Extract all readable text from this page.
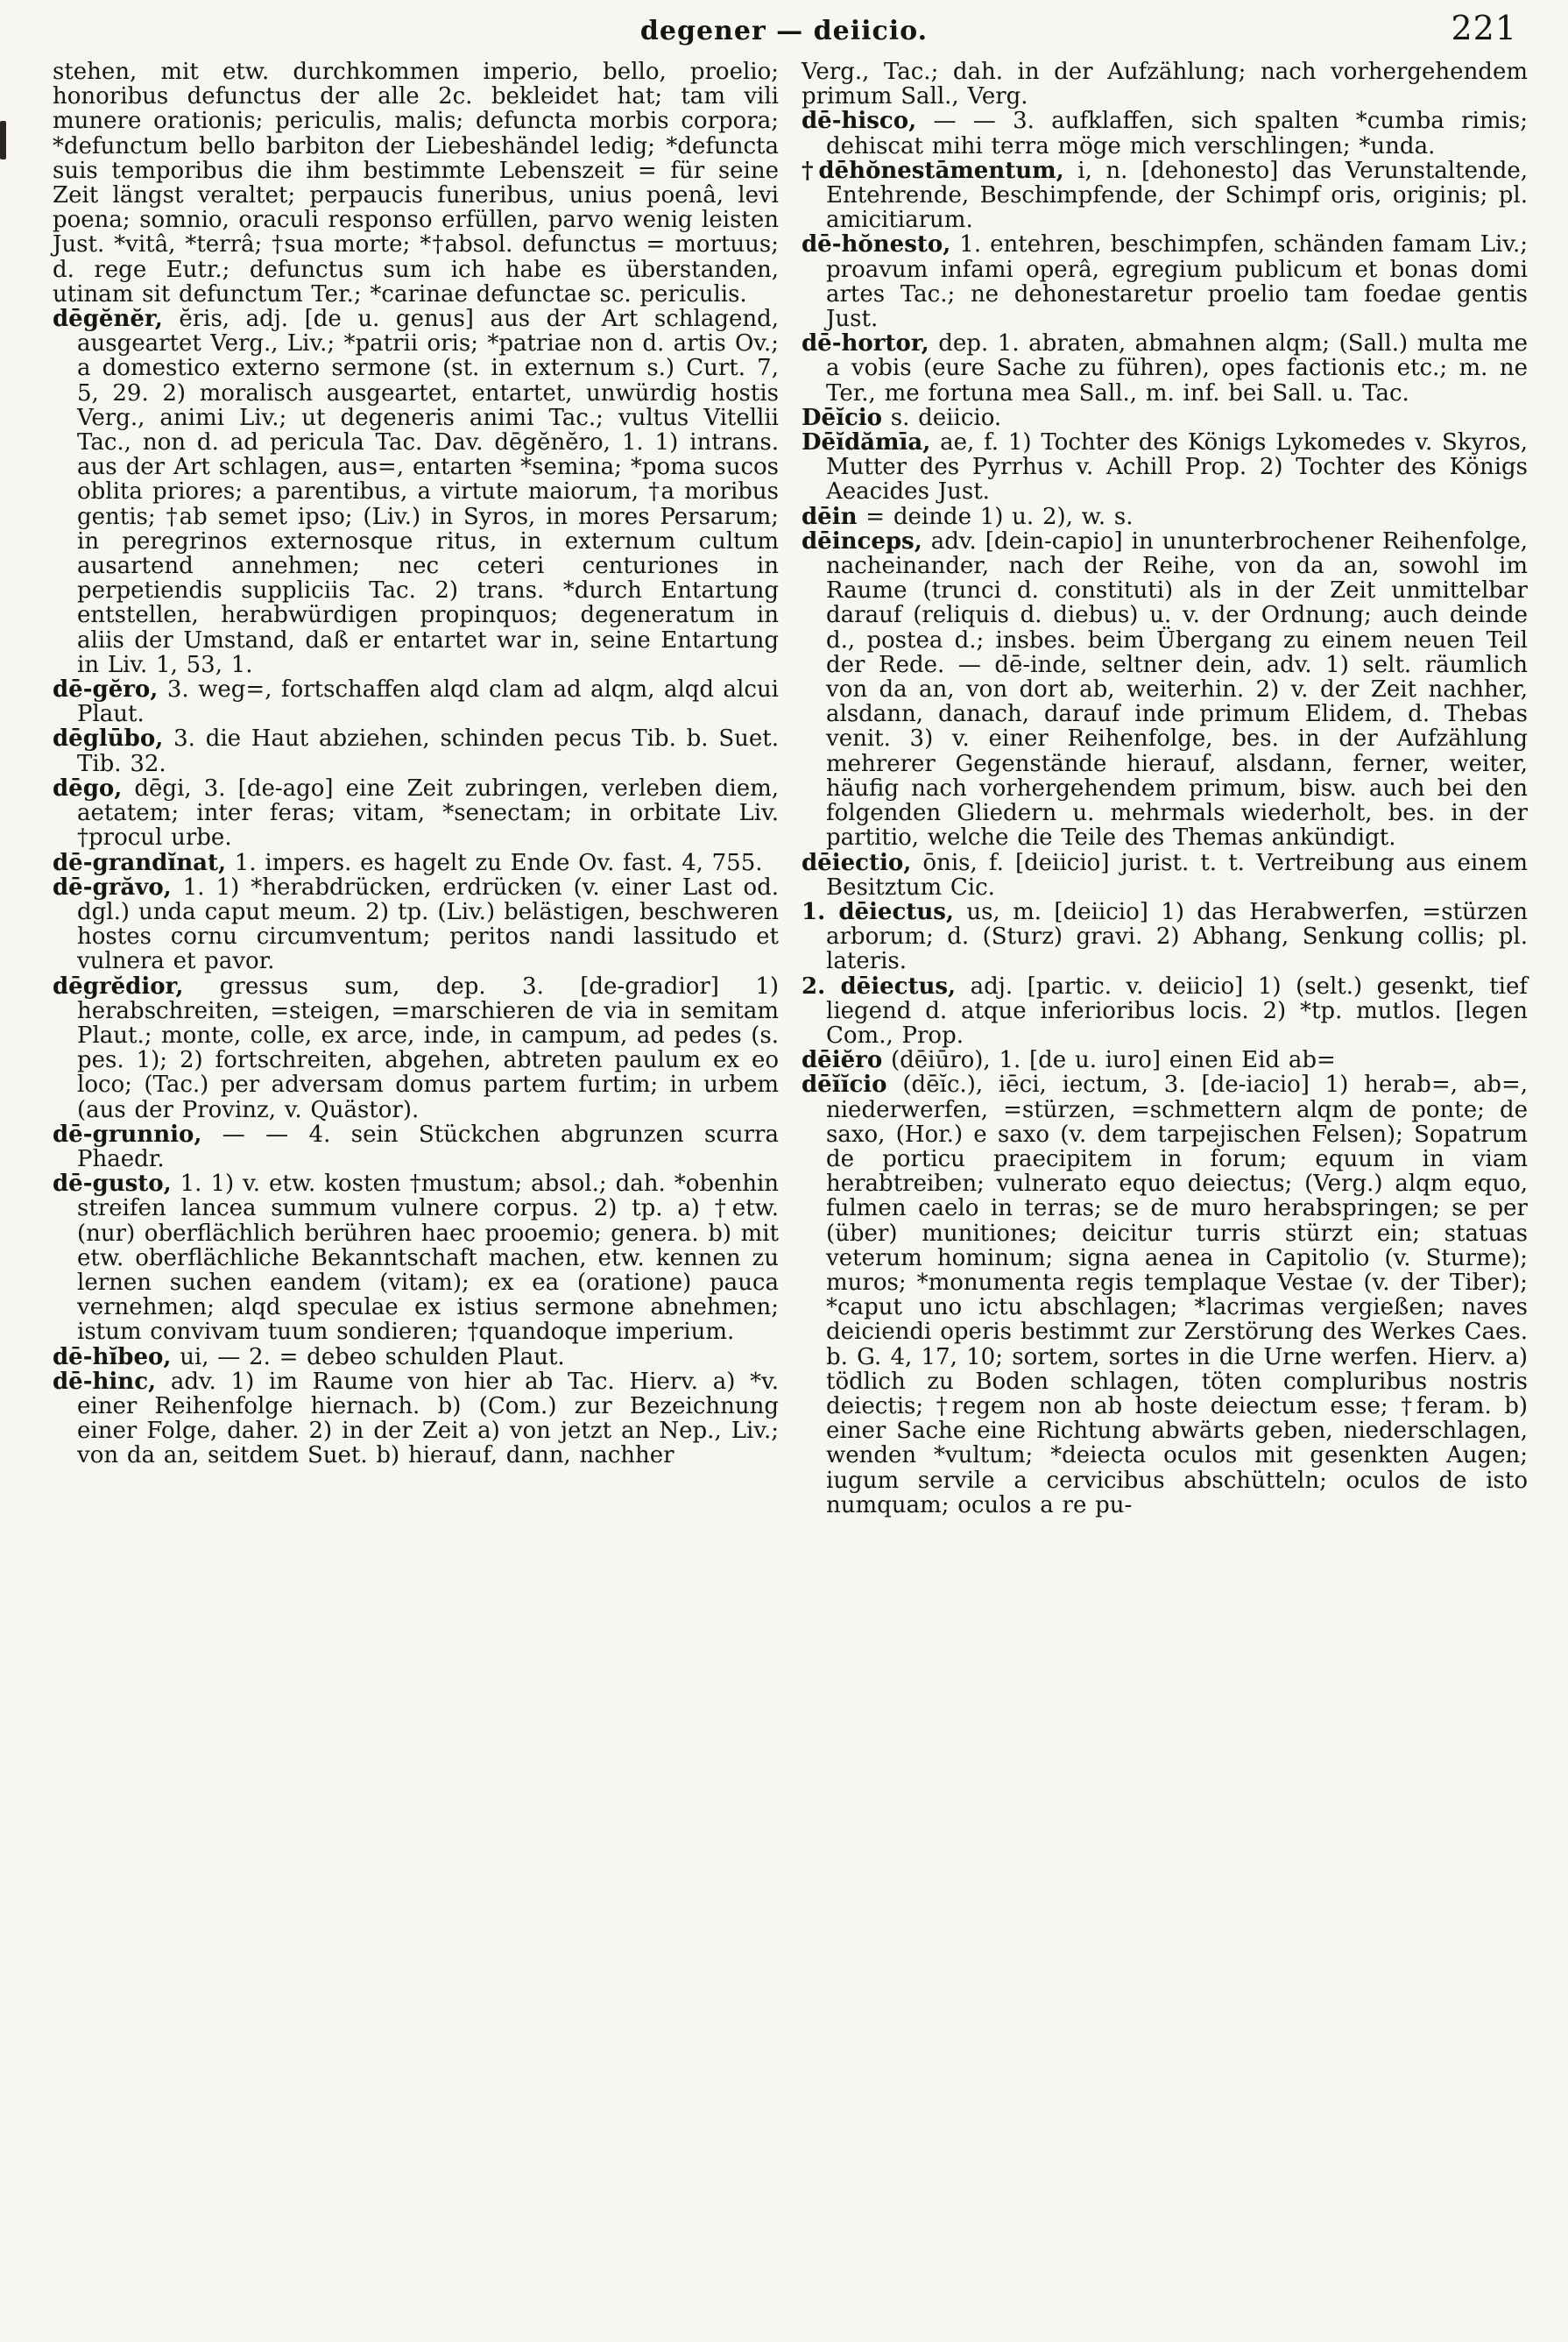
degener — deiicio.	221

stehen, mit etw. durchkommen imperio, bello, proelio; honoribus defunctus der alle 2c. bekleidet hat; tam vili munere orationis; periculis, malis; defuncta morbis corpora; *defunctum bello barbiton der Liebeshändel ledig; *defuncta suis temporibus die ihm bestimmte Lebenszeit = für seine Zeit längst veraltet; perpaucis funeribus, unius poenâ, levi poena; somnio, oraculi responso erfüllen, parvo wenig leisten Just. *vitâ, *terrâ; †sua morte; *†absol. defunctus = mortuus; d. rege Eutr.; defunctus sum ich habe es überstanden, utinam sit defunctum Ter.; *carinae defunctae sc. periculis.

dēgĕnĕr, ĕris, adj. [de u. genus] aus der Art schlagend, ausgeartet Verg., Liv.; *patrii oris; *patriae non d. artis Ov.; a domestico externo sermone (st. in externum s.) Curt. 7, 5, 29. 2) moralisch ausgeartet, entartet, unwürdig hostis Verg., animi Liv.; ut degeneris animi Tac.; vultus Vitellii Tac., non d. ad pericula Tac. Dav. dēgĕnĕro, 1. 1) intrans. aus der Art schlagen, aus=, entarten *semina; *poma sucos oblita priores; a parentibus, a virtute maiorum, †a moribus gentis; †ab semet ipso; (Liv.) in Syros, in mores Persarum; in peregrinos externosque ritus, in externum cultum ausartend annehmen; nec ceteri centuriones in perpetiendis suppliciis Tac. 2) trans. *durch Entartung entstellen, herabwürdigen propinquos; degeneratum in aliis der Umstand, daß er entartet war in, seine Entartung in Liv. 1, 53, 1.

dē-gĕro, 3. weg=, fortschaffen alqd clam ad alqm, alqd alcui Plaut.

dēglūbo, 3. die Haut abziehen, schinden pecus Tib. b. Suet. Tib. 32.

dēgo, dēgi, 3. [de-ago] eine Zeit zubringen, verleben diem, aetatem; inter feras; vitam, *senectam; in orbitate Liv. †procul urbe.

dē-grandĭnat, 1. impers. es hagelt zu Ende Ov. fast. 4, 755.

dē-grăvo, 1. 1) *herabdrücken, erdrücken (v. einer Last od. dgl.) unda caput meum. 2) tp. (Liv.) belästigen, beschweren hostes cornu circumventum; peritos nandi lassitudo et vulnera et pavor.

dēgrĕdior, gressus sum, dep. 3. [de-gradior] 1) herabschreiten, =steigen, =marschieren de via in semitam Plaut.; monte, colle, ex arce, inde, in campum, ad pedes (s. pes. 1); 2) fortschreiten, abgehen, abtreten paulum ex eo loco; (Tac.) per adversam domus partem furtim; in urbem (aus der Provinz, v. Quästor).

dē-grunnio, — — 4. sein Stückchen abgrunzen scurra Phaedr.

dē-gusto, 1. 1) v. etw. kosten †mustum; absol.; dah. *obenhin streifen lancea summum vulnere corpus. 2) tp. a) †etw. (nur) oberflächlich berühren haec prooemio; genera. b) mit etw. oberflächliche Bekanntschaft machen, etw. kennen zu lernen suchen eandem (vitam); ex ea (oratione) pauca vernehmen; alqd speculae ex istius sermone abnehmen; istum convivam tuum sondieren; †quandoque imperium.

dē-hĭbeo, ui, — 2. = debeo schulden Plaut.

dē-hinc, adv. 1) im Raume von hier ab Tac. Hierv. a) *v. einer Reihenfolge hiernach. b) (Com.) zur Bezeichnung einer Folge, daher. 2) in der Zeit a) von jetzt an Nep., Liv.; von da an, seitdem Suet. b) hierauf, dann, nachher

Verg., Tac.; dah. in der Aufzählung; nach vorhergehendem primum Sall., Verg.

dē-hisco, — — 3. aufklaffen, sich spalten *cumba rimis; dehiscat mihi terra möge mich verschlingen; *unda.

†dēhŏnestāmentum, i, n. [dehonesto] das Verunstaltende, Entehrende, Beschimpfende, der Schimpf oris, originis; pl. amicitiarum.

dē-hŏnesto, 1. entehren, beschimpfen, schänden famam Liv.; proavum infami operâ, egregium publicum et bonas domi artes Tac.; ne dehonestaretur proelio tam foedae gentis Just.

dē-hortor, dep. 1. abraten, abmahnen alqm; (Sall.) multa me a vobis (eure Sache zu führen), opes factionis etc.; m. ne Ter., me fortuna mea Sall., m. inf. bei Sall. u. Tac.

Dēĭcio s. deiicio.

Dēĭdămīa, ae, f. 1) Tochter des Königs Lykomedes v. Skyros, Mutter des Pyrrhus v. Achill Prop. 2) Tochter des Königs Aeacides Just.

dēin = deinde 1) u. 2), w. s.

dēinceps, adv. [dein-capio] in ununterbrochener Reihenfolge, nacheinander, nach der Reihe, von da an, sowohl im Raume (trunci d. constituti) als in der Zeit unmittelbar darauf (reliquis d. diebus) u. v. der Ordnung; auch deinde d., postea d.; insbes. beim Übergang zu einem neuen Teil der Rede. — dē-inde, seltner dein, adv. 1) selt. räumlich von da an, von dort ab, weiterhin. 2) v. der Zeit nachher, alsdann, danach, darauf inde primum Elidem, d. Thebas venit. 3) v. einer Reihenfolge, bes. in der Aufzählung mehrerer Gegenstände hierauf, alsdann, ferner, weiter, häufig nach vorhergehendem primum, bisw. auch bei den folgenden Gliedern u. mehrmals wiederholt, bes. in der partitio, welche die Teile des Themas ankündigt.

dēiectio, ōnis, f. [deiicio] jurist. t. t. Vertreibung aus einem Besitztum Cic.

1. dēiectus, us, m. [deiicio] 1) das Herabwerfen, =stürzen arborum; d. (Sturz) gravi. 2) Abhang, Senkung collis; pl. lateris.

2. dēiectus, adj. [partic. v. deiicio] 1) (selt.) gesenkt, tief liegend d. atque inferioribus locis. 2) *tp. mutlos. [legen Com., Prop.

dēiĕro (dēiūro), 1. [de u. iuro] einen Eid ab=

dēĭĭcio (dēĭc.), iēci, iectum, 3. [de-iacio] 1) herab=, ab=, niederwerfen, =stürzen, =schmettern alqm de ponte; de saxo, (Hor.) e saxo (v. dem tarpejischen Felsen); Sopatrum de porticu praecipitem in forum; equum in viam herabtreiben; vulnerato equo deiectus; (Verg.) alqm equo, fulmen caelo in terras; se de muro herabspringen; se per (über) munitiones; deicitur turris stürzt ein; statuas veterum hominum; signa aenea in Capitolio (v. Sturme); muros; *monumenta regis templaque Vestae (v. der Tiber); *caput uno ictu abschlagen; *lacrimas vergießen; naves deiciendi operis bestimmt zur Zerstörung des Werkes Caes. b. G. 4, 17, 10; sortem, sortes in die Urne werfen. Hierv. a) tödlich zu Boden schlagen, töten compluribus nostris deiectis; †regem non ab hoste deiectum esse; †feram. b) einer Sache eine Richtung abwärts geben, niederschlagen, wenden *vultum; *deiecta oculos mit gesenkten Augen; iugum servile a cervicibus abschütteln; oculos de isto numquam; oculos a re pu-
